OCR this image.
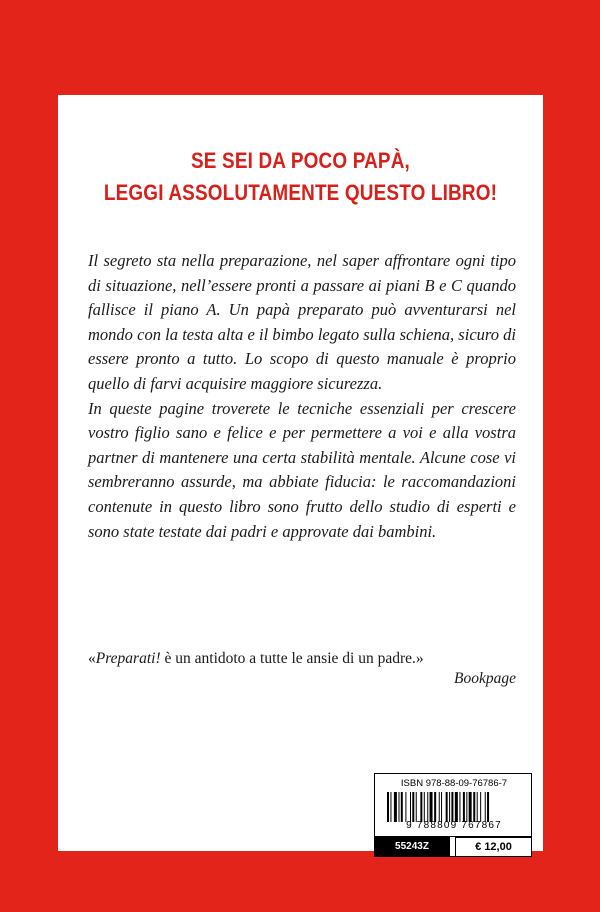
SE SEI DA POCO PAPÀ,
LEGGI ASSOLUTAMENTE QUESTO LIBRO!

Il segreto sta nella preparazione, nel saper affrontare ogni tipo di situazione, nell’essere pronti a passare ai piani B e C quando fallisce il piano A. Un papà preparato può avventurarsi nel mondo con la testa alta e il bimbo legato sulla schiena, sicuro di essere pronto a tutto. Lo scopo di questo manuale è proprio quello di farvi acquisire maggiore sicurezza.

In queste pagine troverete le tecniche essenziali per crescere vostro figlio sano e felice e per permettere a voi e alla vostra partner di mantenere una certa stabilità mentale. Alcune cose vi sembreranno assurde, ma abbiate fiducia: le raccomandazioni contenute in questo libro sono frutto dello studio di esperti e sono state testate dai padri e approvate dai bambini.

«Preparati! è un antidoto a tutte le ansie di un padre.»
Bookpage
ISBN 978-88-09-76786-7
9 788809 767867
55243Z	€ 12,00
